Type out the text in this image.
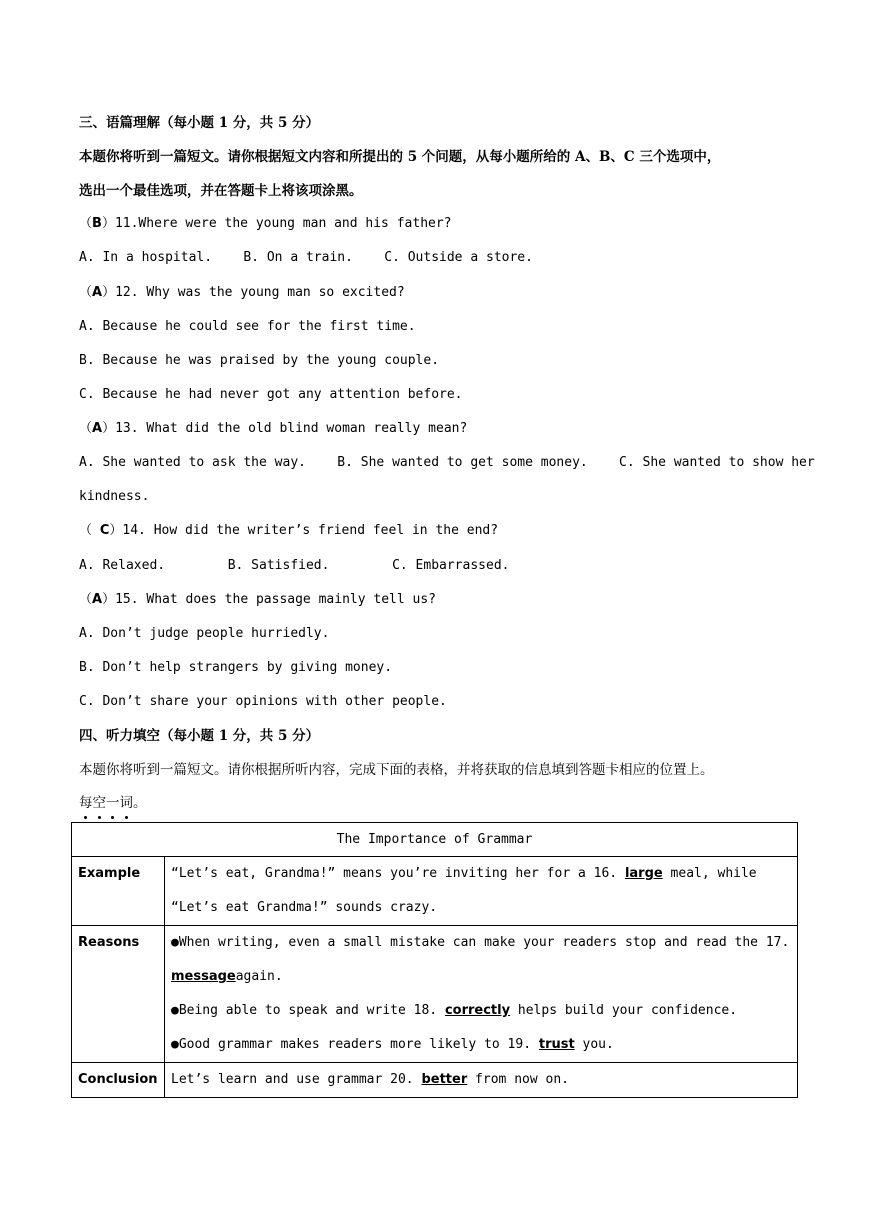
三、语篇理解（每小题 1 分，共 5 分）
本题你将听到一篇短文。请你根据短文内容和所提出的 5 个问题，从每小题所给的 A、B、C 三个选项中，
选出一个最佳选项，并在答题卡上将该项涂黑。
（B）11.Where were the young man and his father?
A. In a hospital.    B. On a train.    C. Outside a store.
（A）12. Why was the young man so excited?
A. Because he could see for the first time.
B. Because he was praised by the young couple.
C. Because he had never got any attention before.
（A）13. What did the old blind woman really mean?
A. She wanted to ask the way.    B. She wanted to get some money.    C. She wanted to show her
kindness.
（ C）14. How did the writer’s friend feel in the end?
A. Relaxed.        B. Satisfied.        C. Embarrassed.
（A）15. What does the passage mainly tell us?
A. Don’t judge people hurriedly.
B. Don’t help strangers by giving money.
C. Don’t share your opinions with other people.
四、听力填空（每小题 1 分，共 5 分）
本题你将听到一篇短文。请你根据所听内容，完成下面的表格，并将获取的信息填到答题卡相应的位置上。
每
空
一
词
。
The Importance of Grammar	

Example	“Let’s eat, Grandma!” means you’re inviting her for a 16. large meal, while
“Let’s eat Grandma!” sounds crazy.

Reasons	●When writing, even a small mistake can make your readers stop and read the 17.
messageagain.
●Being able to speak and write 18. correctly helps build your confidence.
●Good grammar makes readers more likely to 19. trust you.

Conclusion	Let’s learn and use grammar 20. better from now on.
